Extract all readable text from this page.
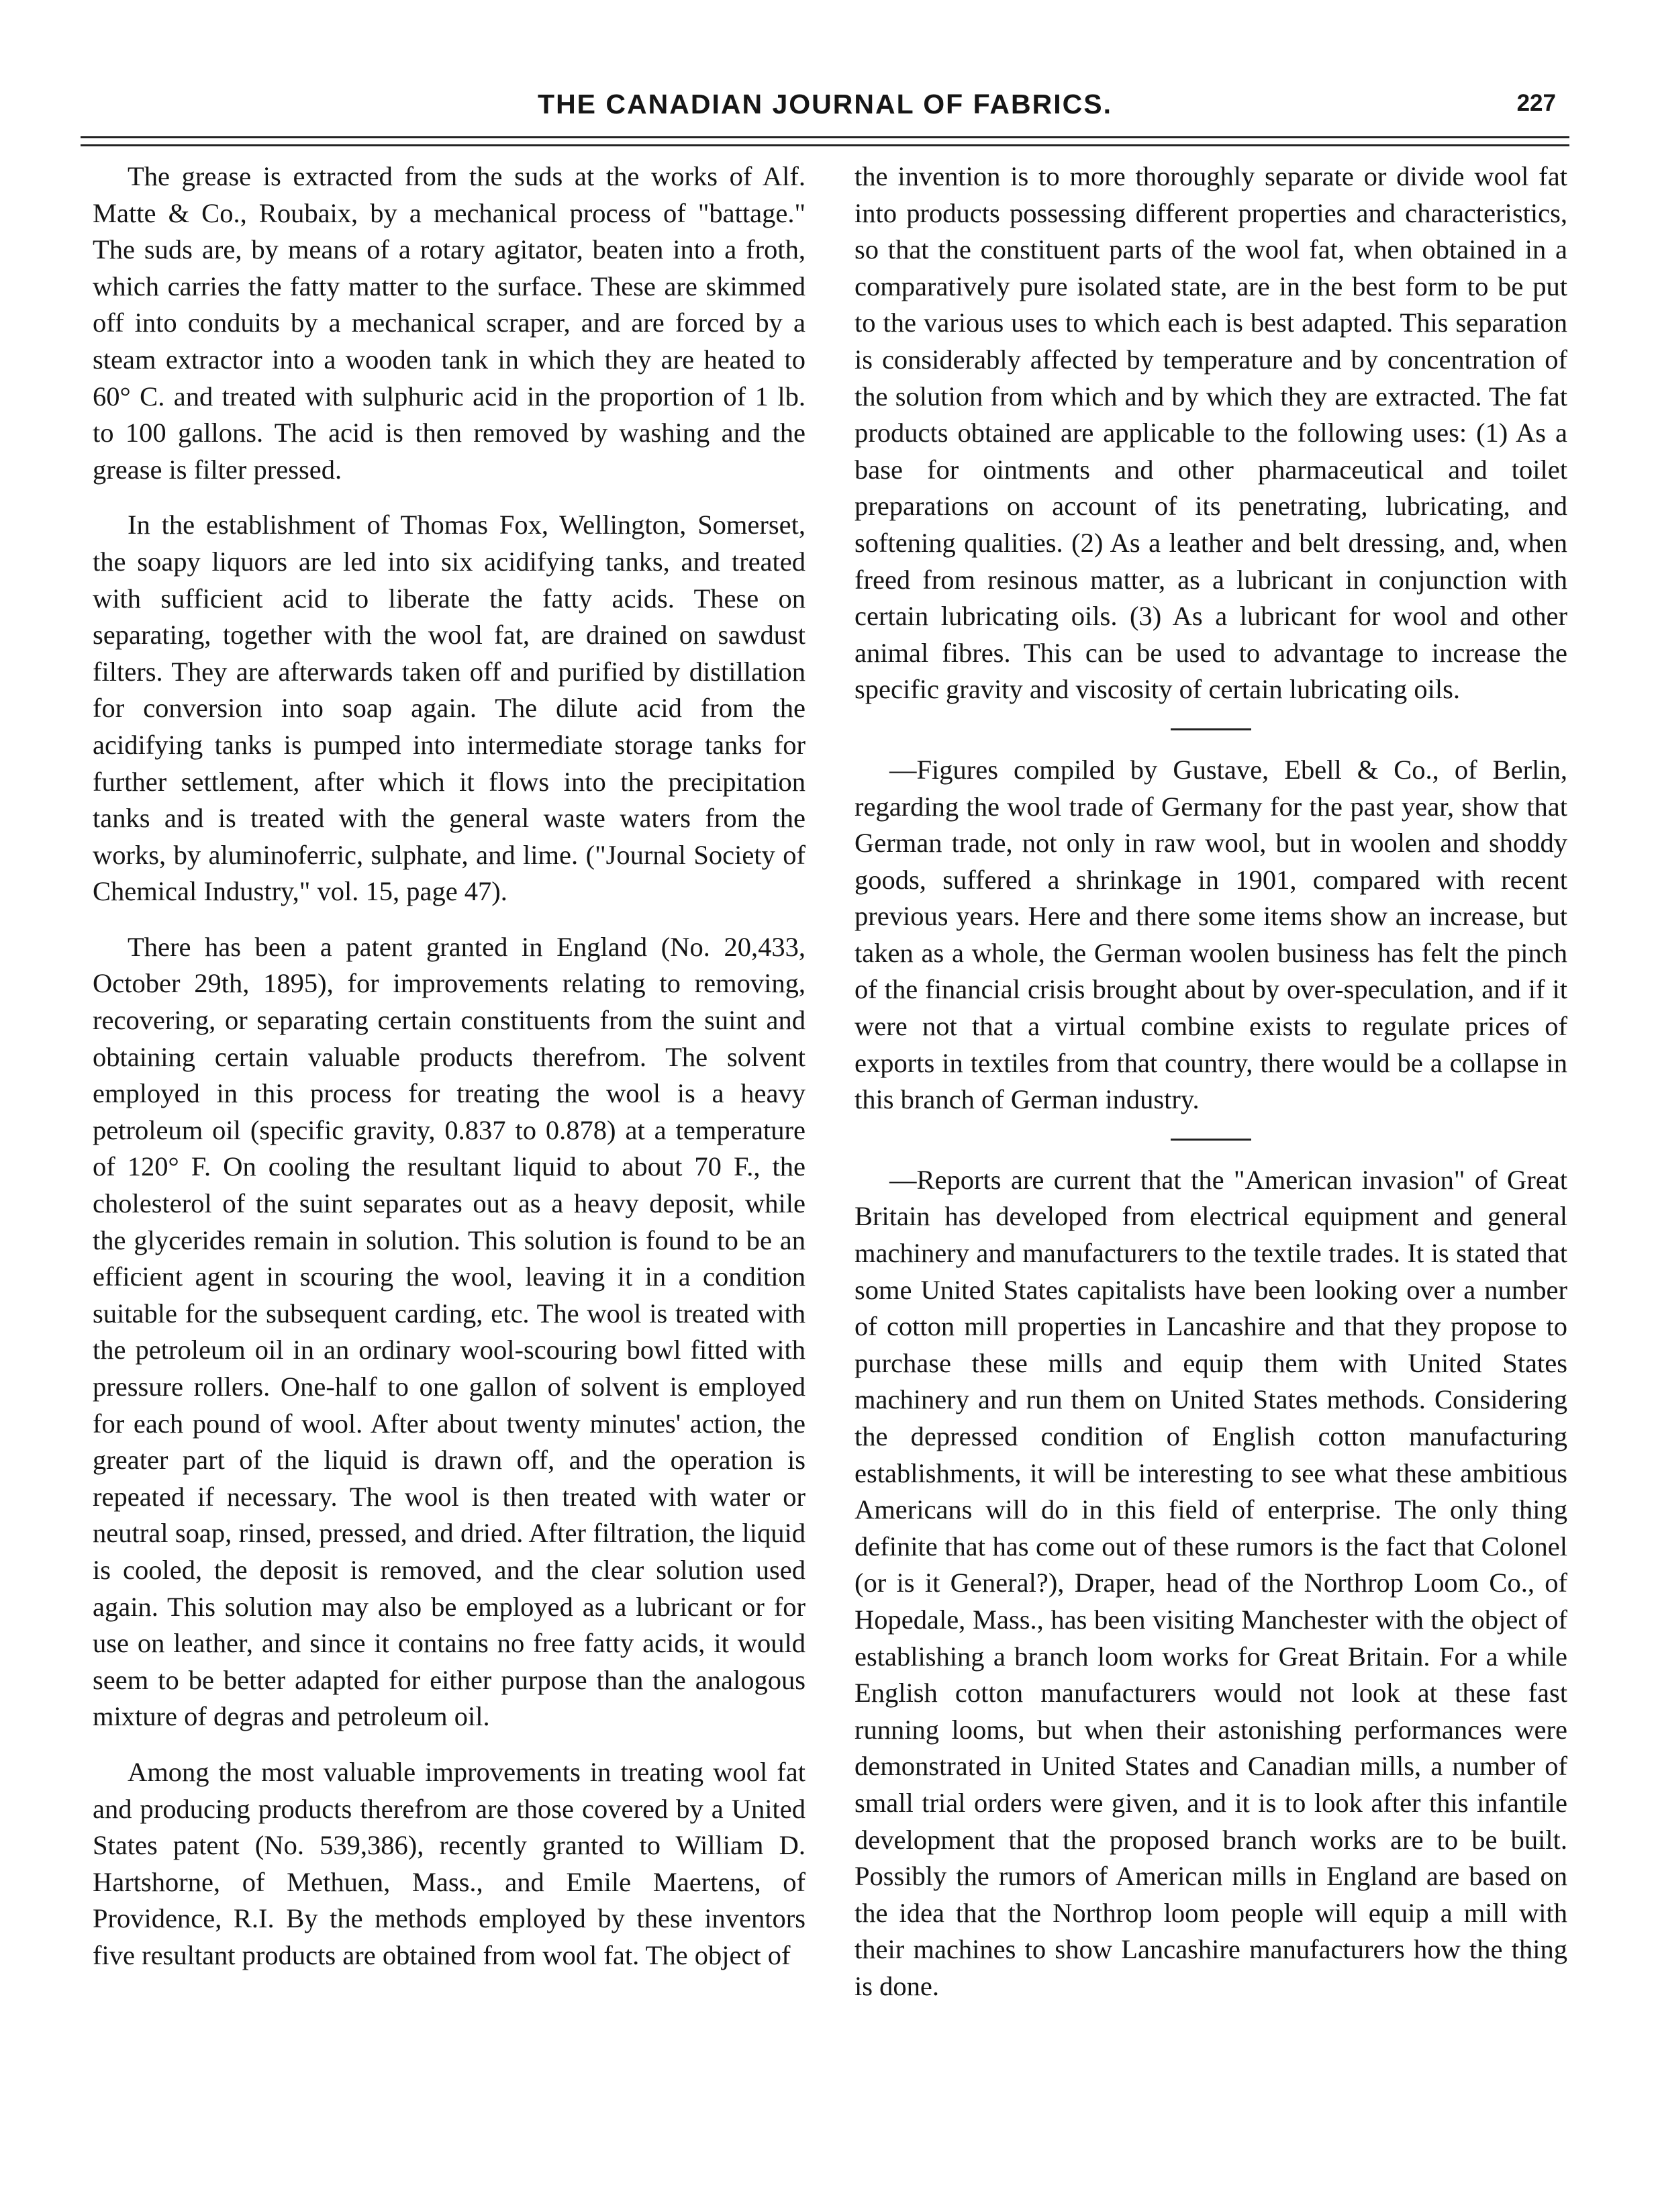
THE CANADIAN JOURNAL OF FABRICS.	227

The grease is extracted from the suds at the works of Alf. Matte & Co., Roubaix, by a mechanical process of "battage." The suds are, by means of a rotary agitator, beaten into a froth, which carries the fatty matter to the surface. These are skimmed off into conduits by a mechanical scraper, and are forced by a steam extractor into a wooden tank in which they are heated to 60° C. and treated with sulphuric acid in the proportion of 1 lb. to 100 gallons. The acid is then removed by washing and the grease is filter pressed.

In the establishment of Thomas Fox, Wellington, Somerset, the soapy liquors are led into six acidifying tanks, and treated with sufficient acid to liberate the fatty acids. These on separating, together with the wool fat, are drained on sawdust filters. They are afterwards taken off and purified by distillation for conversion into soap again. The dilute acid from the acidifying tanks is pumped into intermediate storage tanks for further settlement, after which it flows into the precipitation tanks and is treated with the general waste waters from the works, by aluminoferric, sulphate, and lime. ("Journal Society of Chemical Industry," vol. 15, page 47).

There has been a patent granted in England (No. 20,433, October 29th, 1895), for improvements relating to removing, recovering, or separating certain constituents from the suint and obtaining certain valuable products therefrom. The solvent employed in this process for treating the wool is a heavy petroleum oil (specific gravity, 0.837 to 0.878) at a temperature of 120° F. On cooling the resultant liquid to about 70 F., the cholesterol of the suint separates out as a heavy deposit, while the glycerides remain in solution. This solution is found to be an efficient agent in scouring the wool, leaving it in a condition suitable for the subsequent carding, etc. The wool is treated with the petroleum oil in an ordinary wool-scouring bowl fitted with pressure rollers. One-half to one gallon of solvent is employed for each pound of wool. After about twenty minutes' action, the greater part of the liquid is drawn off, and the operation is repeated if necessary. The wool is then treated with water or neutral soap, rinsed, pressed, and dried. After filtration, the liquid is cooled, the deposit is removed, and the clear solution used again. This solution may also be employed as a lubricant or for use on leather, and since it contains no free fatty acids, it would seem to be better adapted for either purpose than the analogous mixture of degras and petroleum oil.

Among the most valuable improvements in treating wool fat and producing products therefrom are those covered by a United States patent (No. 539,386), recently granted to William D. Hartshorne, of Methuen, Mass., and Emile Maertens, of Providence, R.I. By the methods employed by these inventors five resultant products are obtained from wool fat. The object of

the invention is to more thoroughly separate or divide wool fat into products possessing different properties and characteristics, so that the constituent parts of the wool fat, when obtained in a comparatively pure isolated state, are in the best form to be put to the various uses to which each is best adapted. This separation is considerably affected by temperature and by concentration of the solution from which and by which they are extracted. The fat products obtained are applicable to the following uses: (1) As a base for ointments and other pharmaceutical and toilet preparations on account of its penetrating, lubricating, and softening qualities. (2) As a leather and belt dressing, and, when freed from resinous matter, as a lubricant in conjunction with certain lubricating oils. (3) As a lubricant for wool and other animal fibres. This can be used to advantage to increase the specific gravity and viscosity of certain lubricating oils.

—Figures compiled by Gustave, Ebell & Co., of Berlin, regarding the wool trade of Germany for the past year, show that German trade, not only in raw wool, but in woolen and shoddy goods, suffered a shrinkage in 1901, compared with recent previous years. Here and there some items show an increase, but taken as a whole, the German woolen business has felt the pinch of the financial crisis brought about by over-speculation, and if it were not that a virtual combine exists to regulate prices of exports in textiles from that country, there would be a collapse in this branch of German industry.

—Reports are current that the "American invasion" of Great Britain has developed from electrical equipment and general machinery and manufacturers to the textile trades. It is stated that some United States capitalists have been looking over a number of cotton mill properties in Lancashire and that they propose to purchase these mills and equip them with United States machinery and run them on United States methods. Considering the depressed condition of English cotton manufacturing establishments, it will be interesting to see what these ambitious Americans will do in this field of enterprise. The only thing definite that has come out of these rumors is the fact that Colonel (or is it General?), Draper, head of the Northrop Loom Co., of Hopedale, Mass., has been visiting Manchester with the object of establishing a branch loom works for Great Britain. For a while English cotton manufacturers would not look at these fast running looms, but when their astonishing performances were demonstrated in United States and Canadian mills, a number of small trial orders were given, and it is to look after this infantile development that the proposed branch works are to be built. Possibly the rumors of American mills in England are based on the idea that the Northrop loom people will equip a mill with their machines to show Lancashire manufacturers how the thing is done.
